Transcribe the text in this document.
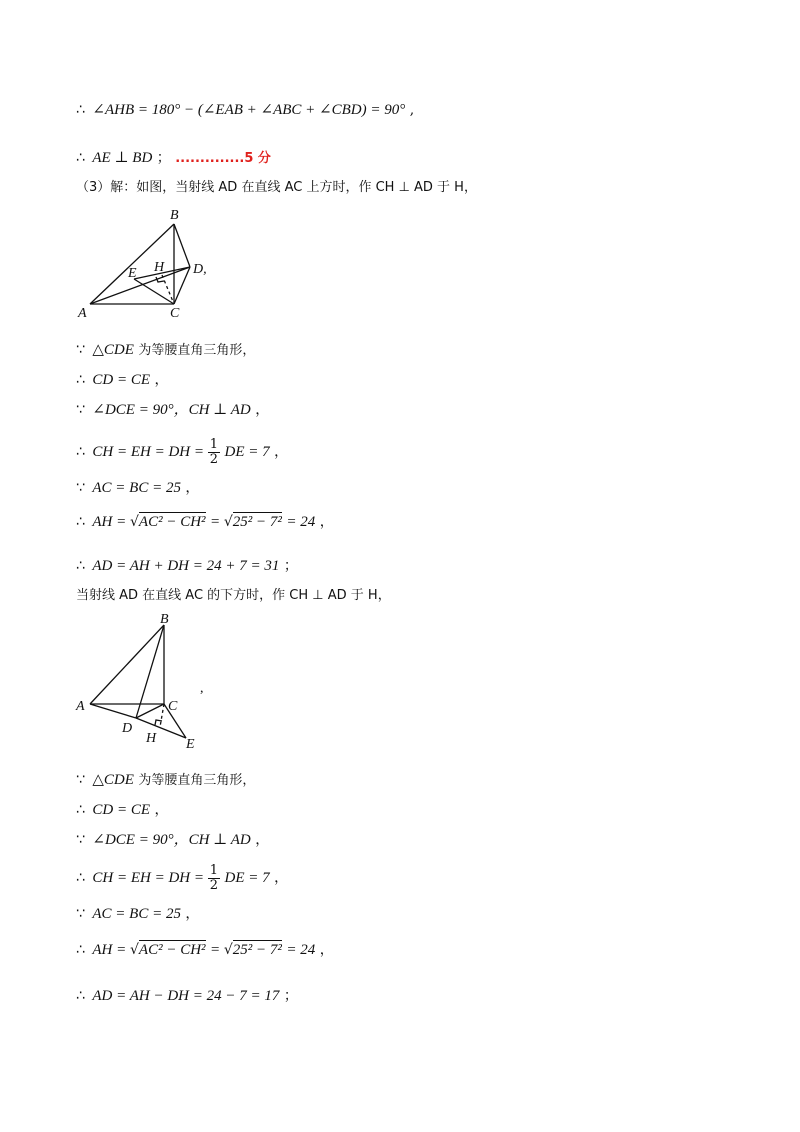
∴ ∠AHB = 180° − (∠EAB + ∠ABC + ∠CBD) = 90° ,
∴ AE ⊥ BD ； ..............5 分
（3）解：如图，当射线 AD 在直线 AC 上方时，作 CH ⊥ AD 于 H，
A
B
C
D,
E H
∵ △CDE 为等腰直角三角形，
∴ CD = CE ，
∵ ∠DCE = 90°，CH ⊥ AD ，
∴ CH = EH = DH = $\frac{1}{2}$ DE = 7 ，
∵ AC = BC = 25 ，
∴ AH = √AC² − CH² = √25² − 7² = 24 ，
∴ AD = AH + DH = 24 + 7 = 31 ；
当射线 AD 在直线 AC 的下方时，作 CH ⊥ AD 于 H，
A
B
C
D
E
H
,
∵ △CDE 为等腰直角三角形，
∴ CD = CE ，
∵ ∠DCE = 90°，CH ⊥ AD ，
∴ CH = EH = DH = $\frac{1}{2}$ DE = 7 ，
∵ AC = BC = 25 ，
∴ AH = √AC² − CH² = √25² − 7² = 24 ，
∴ AD = AH − DH = 24 − 7 = 17 ；
